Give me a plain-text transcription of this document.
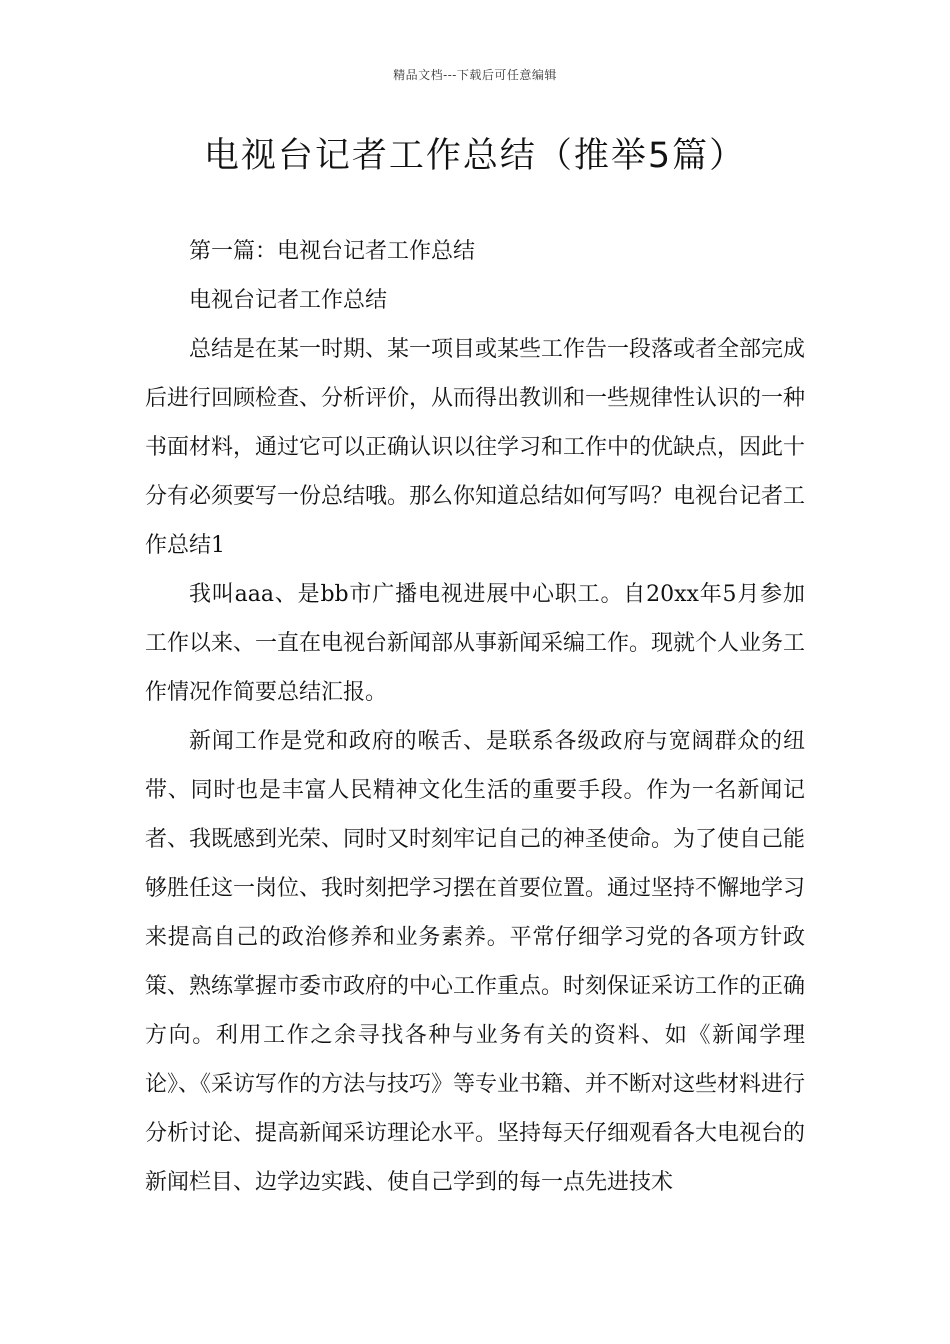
精品文档---下载后可任意编辑
电视台记者工作总结（推举5篇）

第一篇：电视台记者工作总结

电视台记者工作总结

总结是在某一时期、某一项目或某些工作告一段落或者全部完成后进行回顾检查、分析评价，从而得出教训和一些规律性认识的一种书面材料，通过它可以正确认识以往学习和工作中的优缺点，因此十分有必须要写一份总结哦。那么你知道总结如何写吗？电视台记者工作总结1

我叫aaa、是bb市广播电视进展中心职工。自20xx年5月参加工作以来、一直在电视台新闻部从事新闻采编工作。现就个人业务工作情况作简要总结汇报。

新闻工作是党和政府的喉舌、是联系各级政府与宽阔群众的纽带、同时也是丰富人民精神文化生活的重要手段。作为一名新闻记者、我既感到光荣、同时又时刻牢记自己的神圣使命。为了使自己能够胜任这一岗位、我时刻把学习摆在首要位置。通过坚持不懈地学习来提高自己的政治修养和业务素养。平常仔细学习党的各项方针政策、熟练掌握市委市政府的中心工作重点。时刻保证采访工作的正确方向。利用工作之余寻找各种与业务有关的资料、如《新闻学理论》、《采访写作的方法与技巧》等专业书籍、并不断对这些材料进行分析讨论、提高新闻采访理论水平。坚持每天仔细观看各大电视台的新闻栏目、边学边实践、使自己学到的每一点先进技术
